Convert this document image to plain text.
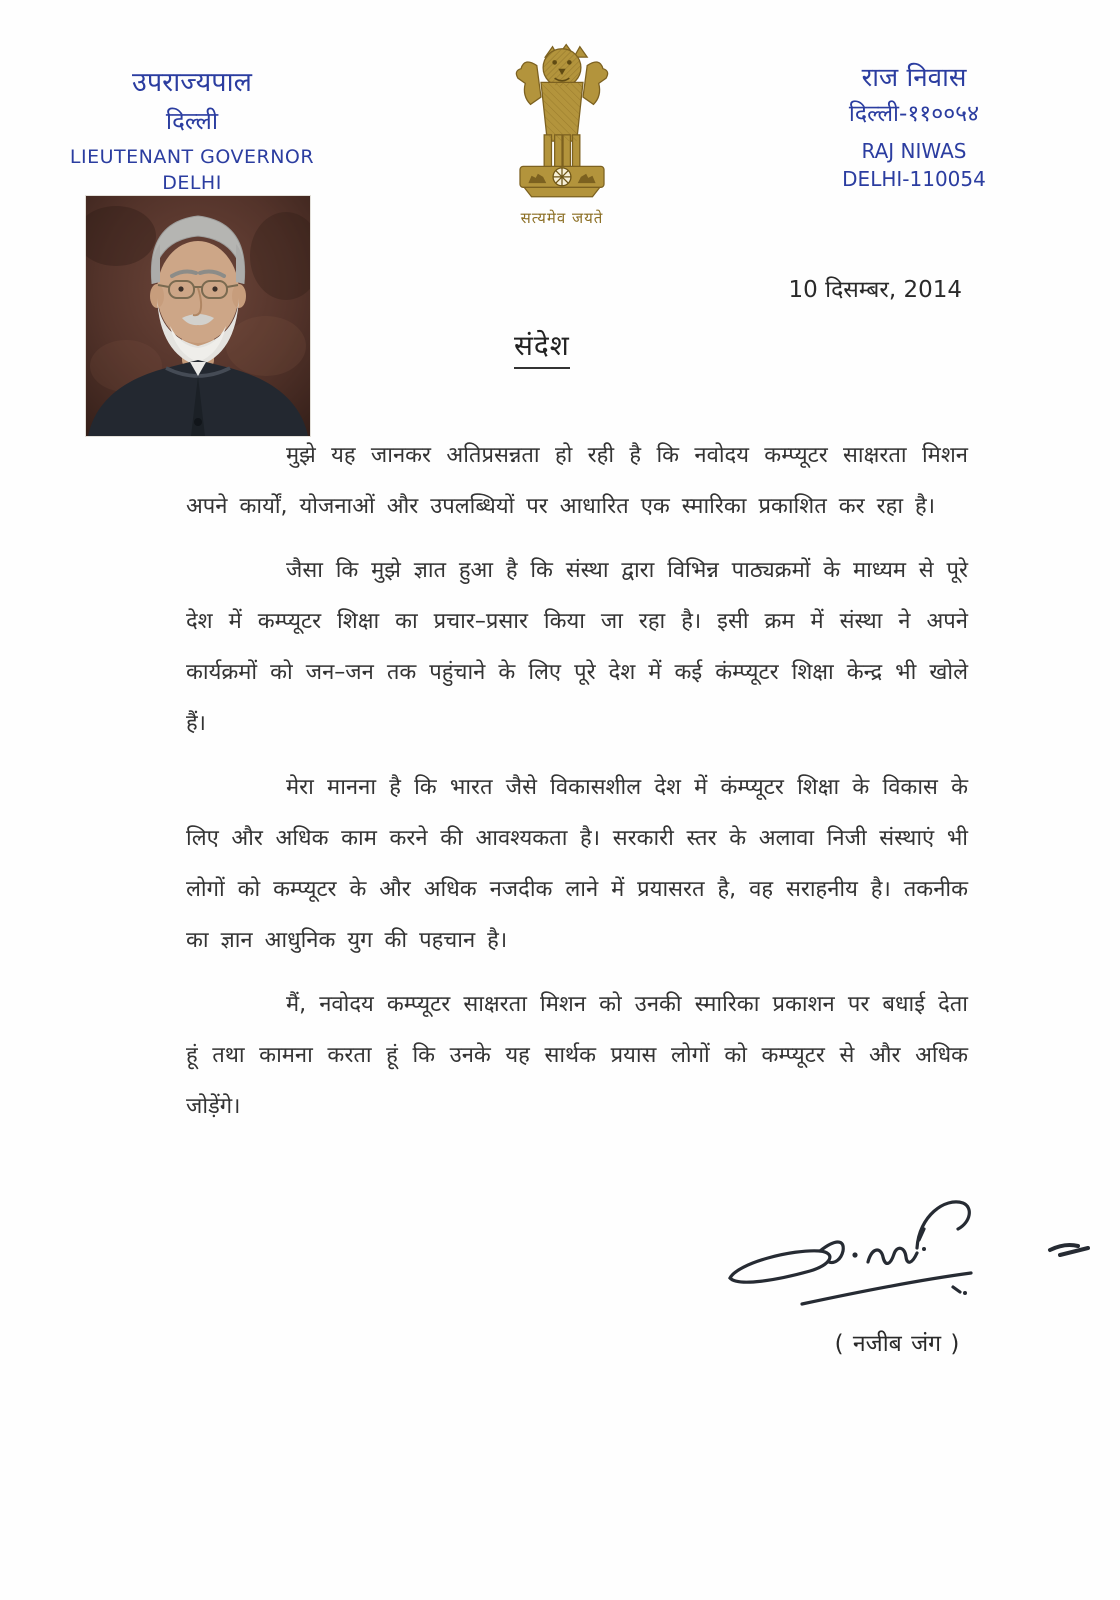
उपराज्यपाल
दिल्ली
LIEUTENANT GOVERNOR
DELHI
सत्यमेव जयते
राज निवास
दिल्ली-११००५४
RAJ NIWAS
DELHI-110054
10 दिसम्बर, 2014
संदेश

मुझे यह जानकर अतिप्रसन्नता हो रही है कि नवोदय कम्प्यूटर साक्षरता मिशन अपने कार्यों, योजनाओं और उपलब्धियों पर आधारित एक स्मारिका प्रकाशित कर रहा है।

जैसा कि मुझे ज्ञात हुआ है कि संस्था द्वारा विभिन्न पाठ्यक्रमों के माध्यम से पूरे देश में कम्प्यूटर शिक्षा का प्रचार–प्रसार किया जा रहा है। इसी क्रम में संस्था ने अपने कार्यक्रमों को जन–जन तक पहुंचाने के लिए पूरे देश में कई कंम्प्यूटर शिक्षा केन्द्र भी खोले हैं।

मेरा मानना है कि भारत जैसे विकासशील देश में कंम्प्यूटर शिक्षा के विकास के लिए और अधिक काम करने की आवश्यकता है। सरकारी स्तर के अलावा निजी संस्थाएं भी लोगों को कम्प्यूटर के और अधिक नजदीक लाने में प्रयासरत है, वह सराहनीय है। तकनीक का ज्ञान आधुनिक युग की पहचान है।

मैं, नवोदय कम्प्यूटर साक्षरता मिशन को उनकी स्मारिका प्रकाशन पर बधाई देता हूं तथा कामना करता हूं कि उनके यह सार्थक प्रयास लोगों को कम्प्यूटर से और अधिक जोड़ेंगे।

( नजीब जंग )
